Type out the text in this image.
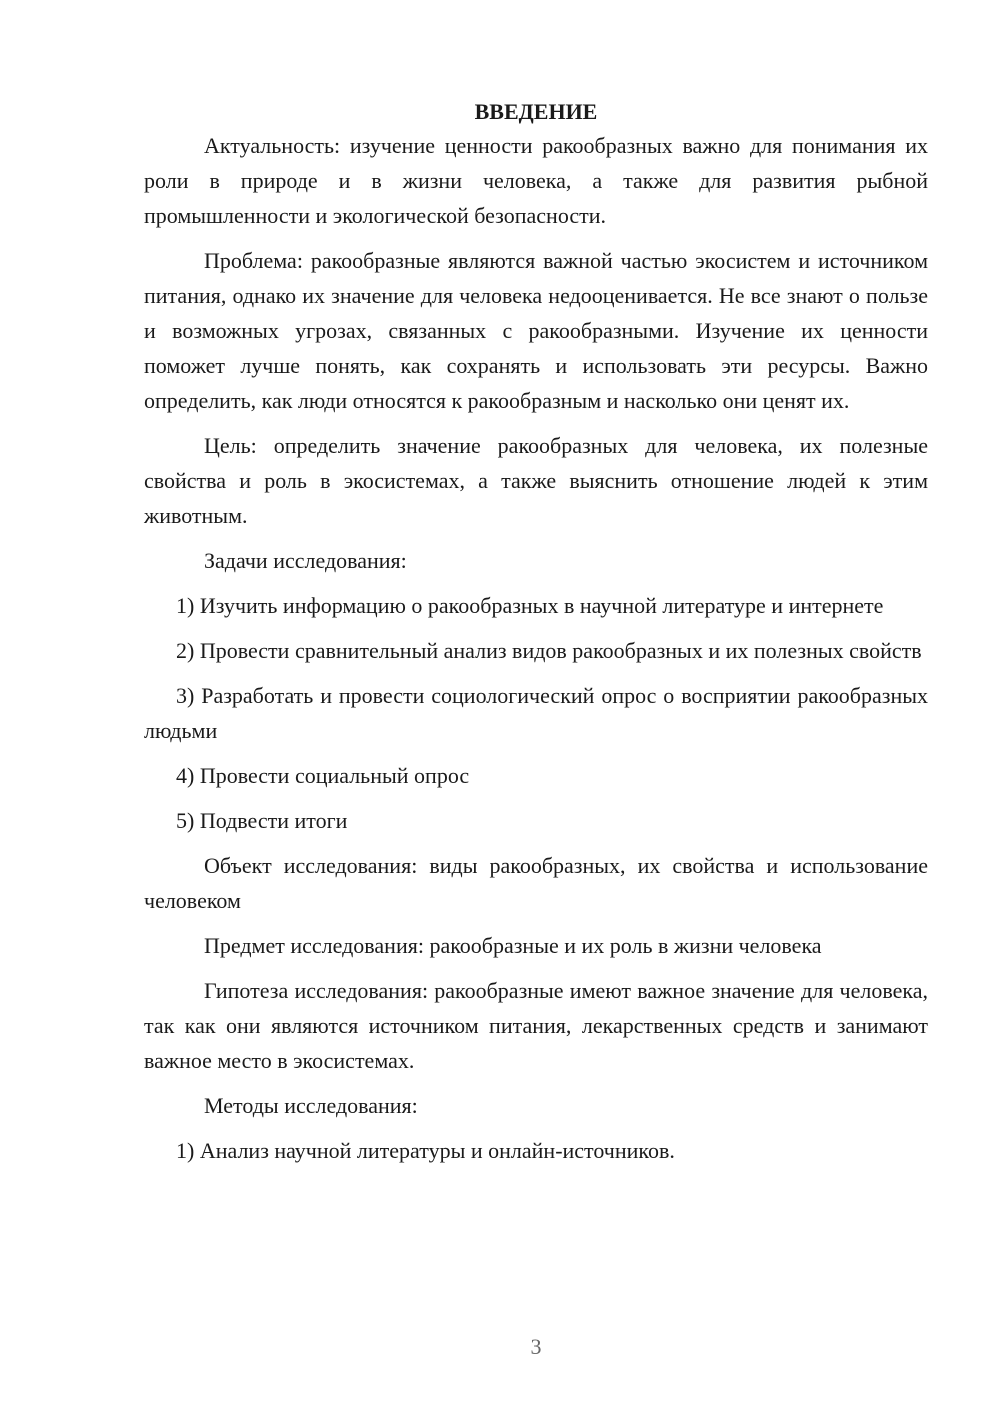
ВВЕДЕНИЕ

Актуальность: изучение ценности ракообразных важно для понимания их роли в природе и в жизни человека, а также для развития рыбной промышленности и экологической безопасности.

Проблема: ракообразные являются важной частью экосистем и источником питания, однако их значение для человека недооценивается. Не все знают о пользе и возможных угрозах, связанных с ракообразными. Изучение их ценности поможет лучше понять, как сохранять и использовать эти ресурсы. Важно определить, как люди относятся к ракообразным и насколько они ценят их.

Цель: определить значение ракообразных для человека, их полезные свойства и роль в экосистемах, а также выяснить отношение людей к этим животным.

Задачи исследования:

1) Изучить информацию о ракообразных в научной литературе и интернете

2) Провести сравнительный анализ видов ракообразных и их полезных свойств

3) Разработать и провести социологический опрос о восприятии ракообразных людьми

4) Провести социальный опрос

5) Подвести итоги

Объект исследования: виды ракообразных, их свойства и использование человеком

Предмет исследования: ракообразные и их роль в жизни человека

Гипотеза исследования: ракообразные имеют важное значение для человека, так как они являются источником питания, лекарственных средств и занимают важное место в экосистемах.

Методы исследования:

1) Анализ научной литературы и онлайн-источников.

3
